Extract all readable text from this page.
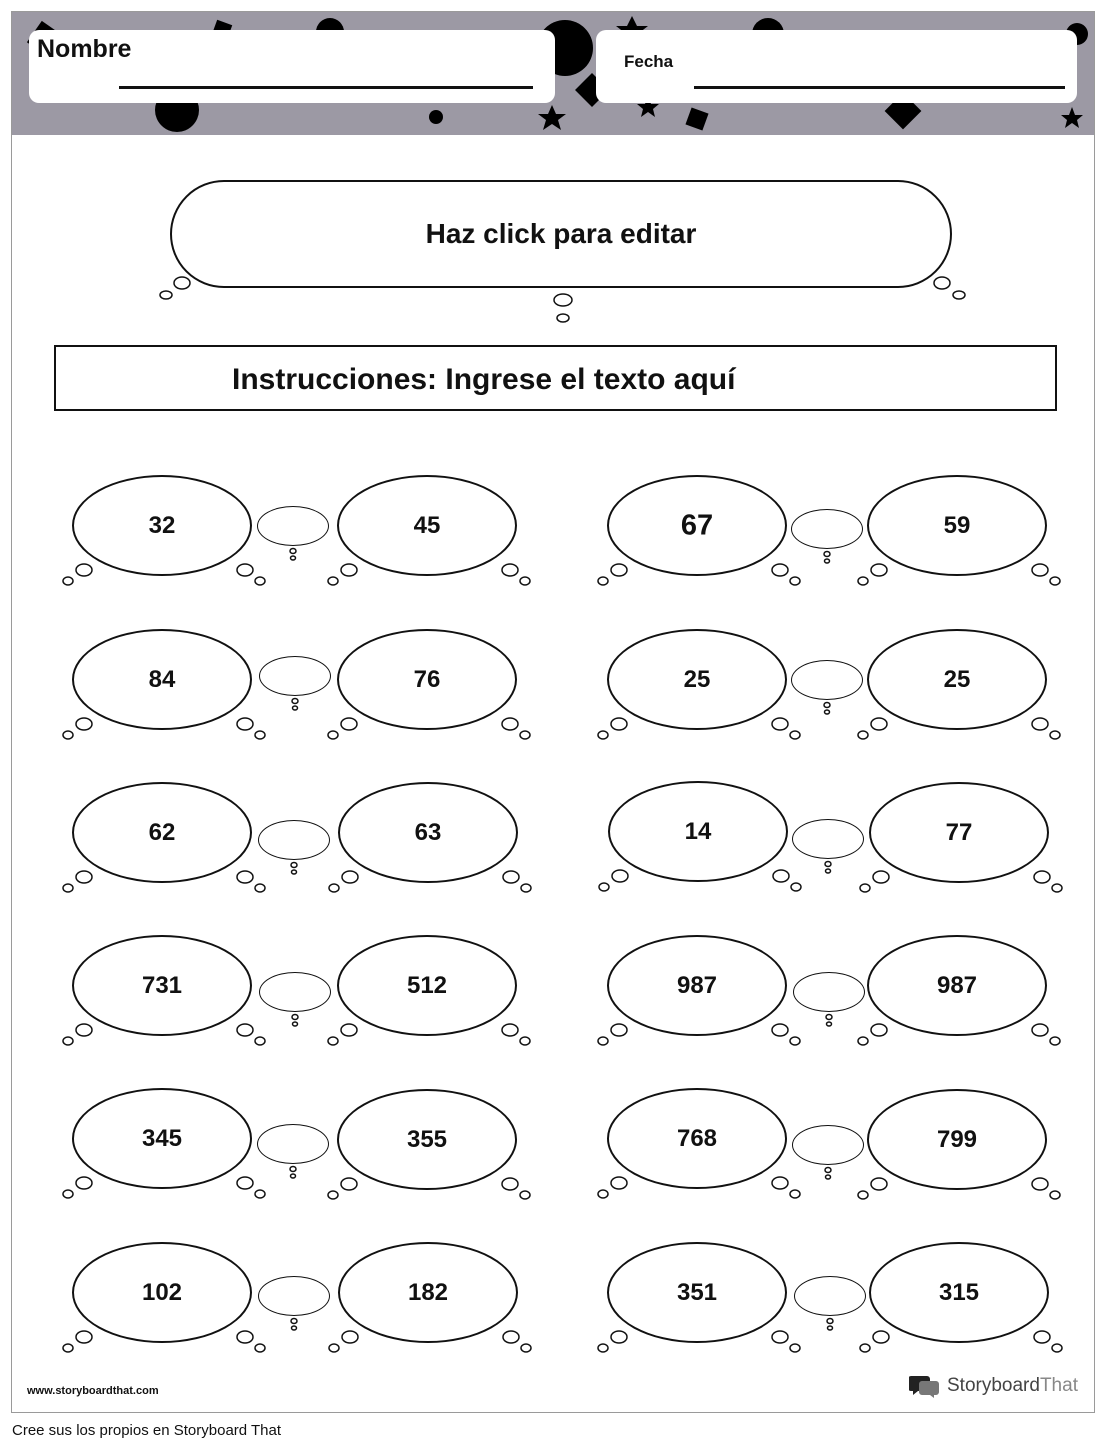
Nombre	Fecha
Haz click para editar
Instrucciones: Ingrese el texto aquí
32	45	67	59
84	76	25	25
62	63	14	77
731	512	987	987
345	355	768	799
102	182	351	315
www.storyboardthat.com	StoryboardThat
Cree sus los propios en Storyboard That
